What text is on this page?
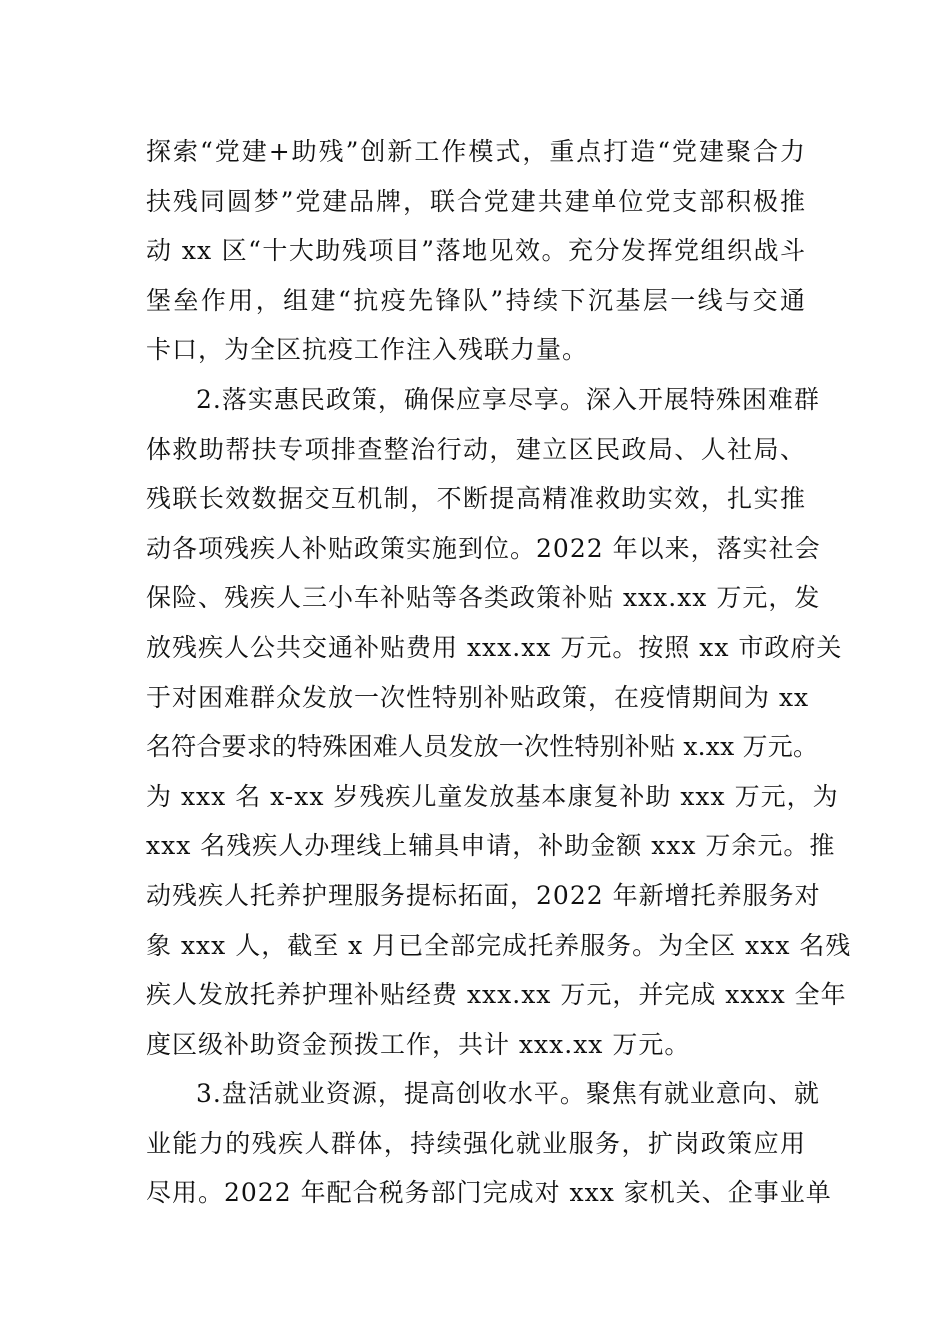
探索“党建+助残”创新工作模式，重点打造“党建聚合力
扶残同圆梦”党建品牌，联合党建共建单位党支部积极推
动 xx 区“十大助残项目”落地见效。充分发挥党组织战斗
堡垒作用，组建“抗疫先锋队”持续下沉基层一线与交通
卡口，为全区抗疫工作注入残联力量。
2.落实惠民政策，确保应享尽享。深入开展特殊困难群
体救助帮扶专项排查整治行动，建立区民政局、人社局、
残联长效数据交互机制，不断提高精准救助实效，扎实推
动各项残疾人补贴政策实施到位。2022 年以来，落实社会
保险、残疾人三小车补贴等各类政策补贴 xxx.xx 万元，发
放残疾人公共交通补贴费用 xxx.xx 万元。按照 xx 市政府关
于对困难群众发放一次性特别补贴政策，在疫情期间为 xx
名符合要求的特殊困难人员发放一次性特别补贴 x.xx 万元。
为 xxx 名 x-xx 岁残疾儿童发放基本康复补助 xxx 万元，为
xxx 名残疾人办理线上辅具申请，补助金额 xxx 万余元。推
动残疾人托养护理服务提标拓面，2022 年新增托养服务对
象 xxx 人，截至 x 月已全部完成托养服务。为全区 xxx 名残
疾人发放托养护理补贴经费 xxx.xx 万元，并完成 xxxx 全年
度区级补助资金预拨工作，共计 xxx.xx 万元。
3.盘活就业资源，提高创收水平。聚焦有就业意向、就
业能力的残疾人群体，持续强化就业服务，扩岗政策应用
尽用。2022 年配合税务部门完成对 xxx 家机关、企事业单
